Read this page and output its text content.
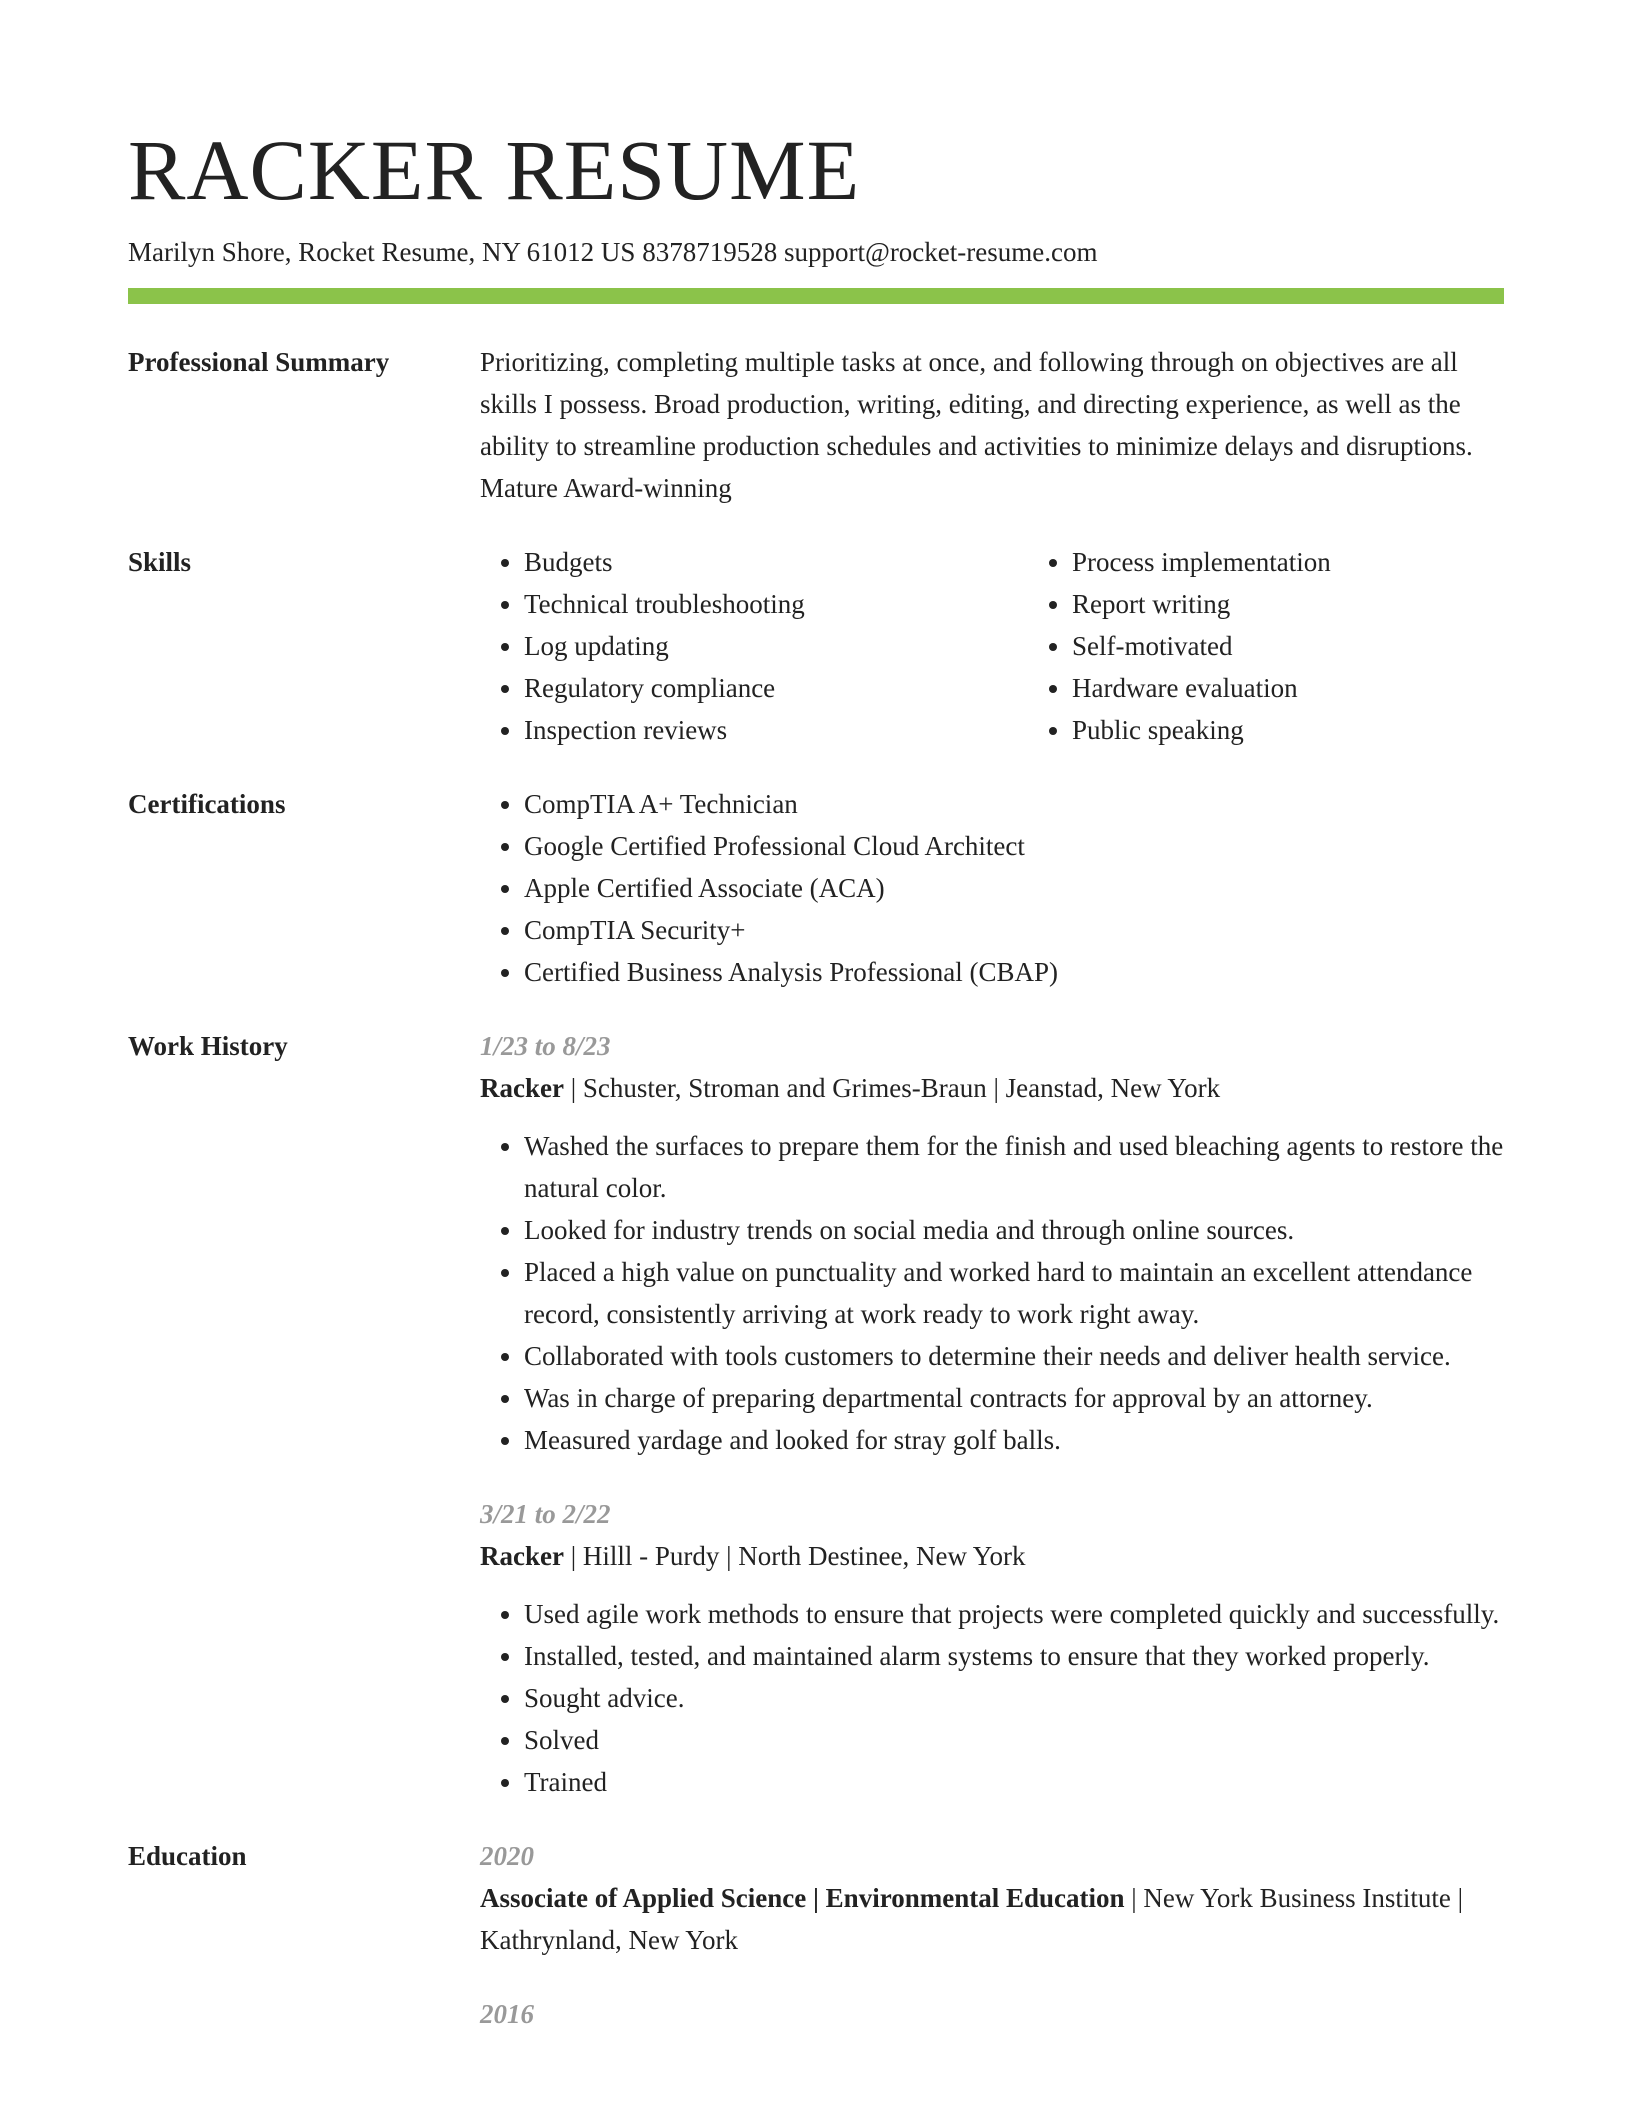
RACKER RESUME
Marilyn Shore, Rocket Resume, NY 61012 US 8378719528 support@rocket-resume.com
Professional Summary	Prioritizing, completing multiple tasks at once, and following through on objectives are all skills I possess. Broad production, writing, editing, and directing experience, as well as the ability to streamline production schedules and activities to minimize delays and disruptions. Mature Award-winning

Skills	• Budgets
• Technical troubleshooting
• Log updating
• Regulatory compliance
• Inspection reviews
• Process implementation
• Report writing
• Self-motivated
• Hardware evaluation
• Public speaking
Certifications	• CompTIA A+ Technician
• Google Certified Professional Cloud Architect
• Apple Certified Associate (ACA)
• CompTIA Security+
• Certified Business Analysis Professional (CBAP)
Work History	1/23 to 8/23
Racker | Schuster, Stroman and Grimes-Braun | Jeanstad, New York
• Washed the surfaces to prepare them for the finish and used bleaching agents to restore the natural color.
• Looked for industry trends on social media and through online sources.
• Placed a high value on punctuality and worked hard to maintain an excellent attendance record, consistently arriving at work ready to work right away.
• Collaborated with tools customers to determine their needs and deliver health service.
• Was in charge of preparing departmental contracts for approval by an attorney.
• Measured yardage and looked for stray golf balls.
3/21 to 2/22
Racker | Hilll - Purdy | North Destinee, New York
• Used agile work methods to ensure that projects were completed quickly and successfully.
• Installed, tested, and maintained alarm systems to ensure that they worked properly.
• Sought advice.
• Solved
• Trained
Education	2020
Associate of Applied Science | Environmental Education | New York Business Institute | Kathrynland, New York
2016
